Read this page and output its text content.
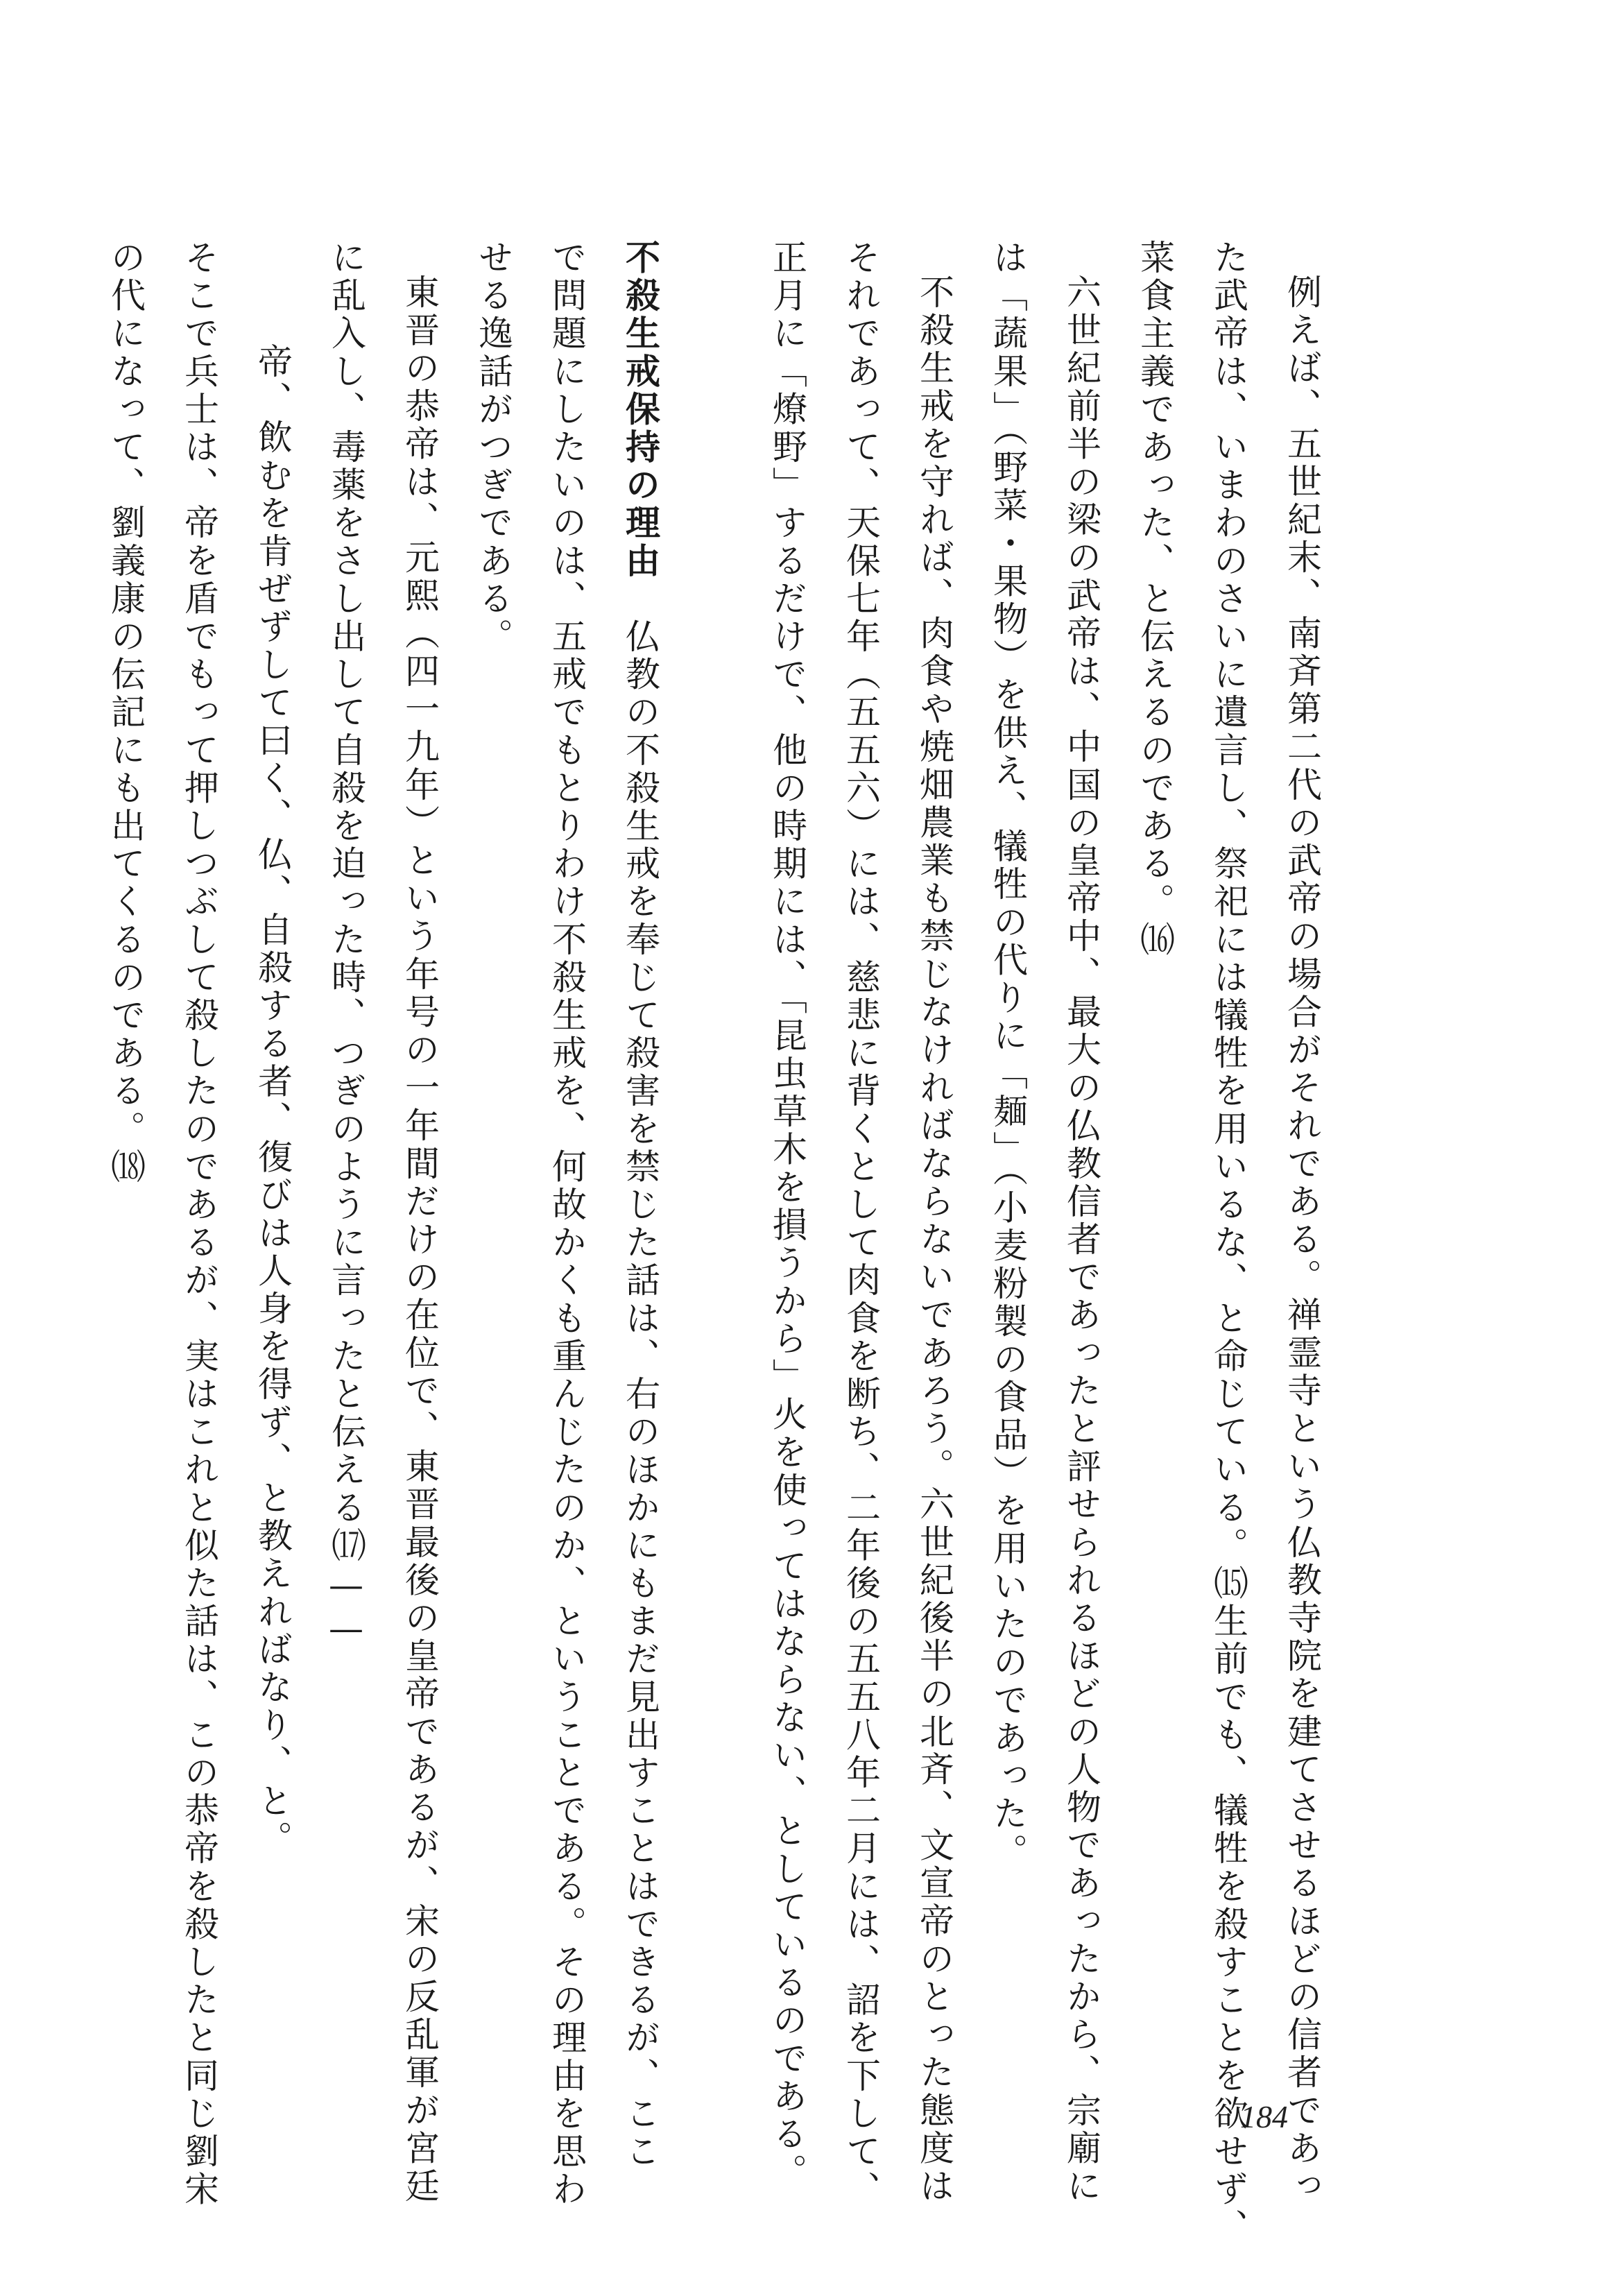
例えば、五世紀末、南斉第二代の武帝の場合がそれである。禅霊寺という仏教寺院を建てさせるほどの信者であっ
た武帝は、いまわのさいに遺言し、祭祀には犠牲を用いるな、と命じている。⒂生前でも、犠牲を殺すことを欲せず、
菜食主義であった、と伝えるのである。⒃
六世紀前半の梁の武帝は、中国の皇帝中、最大の仏教信者であったと評せられるほどの人物であったから、宗廟に
は「蔬果」（野菜・果物）を供え、犠牲の代りに「麺」（小麦粉製の食品）を用いたのであった。
不殺生戒を守れば、肉食や焼畑農業も禁じなければならないであろう。六世紀後半の北斉、文宣帝のとった態度は
それであって、天保七年（五五六）には、慈悲に背くとして肉食を断ち、二年後の五五八年二月には、詔を下して、
正月に「燎野」するだけで、他の時期には、「昆虫草木を損うから」火を使ってはならない、としているのである。

不殺生戒保持の理由　仏教の不殺生戒を奉じて殺害を禁じた話は、右のほかにもまだ見出すことはできるが、ここ
で問題にしたいのは、五戒でもとりわけ不殺生戒を、何故かくも重んじたのか、ということである。その理由を思わ
せる逸話がつぎである。
東晋の恭帝は、元熙（四一九年）という年号の一年間だけの在位で、東晋最後の皇帝であるが、宋の反乱軍が宮廷
に乱入し、毒薬をさし出して自殺を迫った時、つぎのように言ったと伝える⒄——
帝、飲むを肯ぜずして曰く、仏、自殺する者、復びは人身を得ず、と教えればなり、と。
そこで兵士は、帝を盾でもって押しつぶして殺したのであるが、実はこれと似た話は、この恭帝を殺したと同じ劉宋
の代になって、劉義康の伝記にも出てくるのである。⒅

184
